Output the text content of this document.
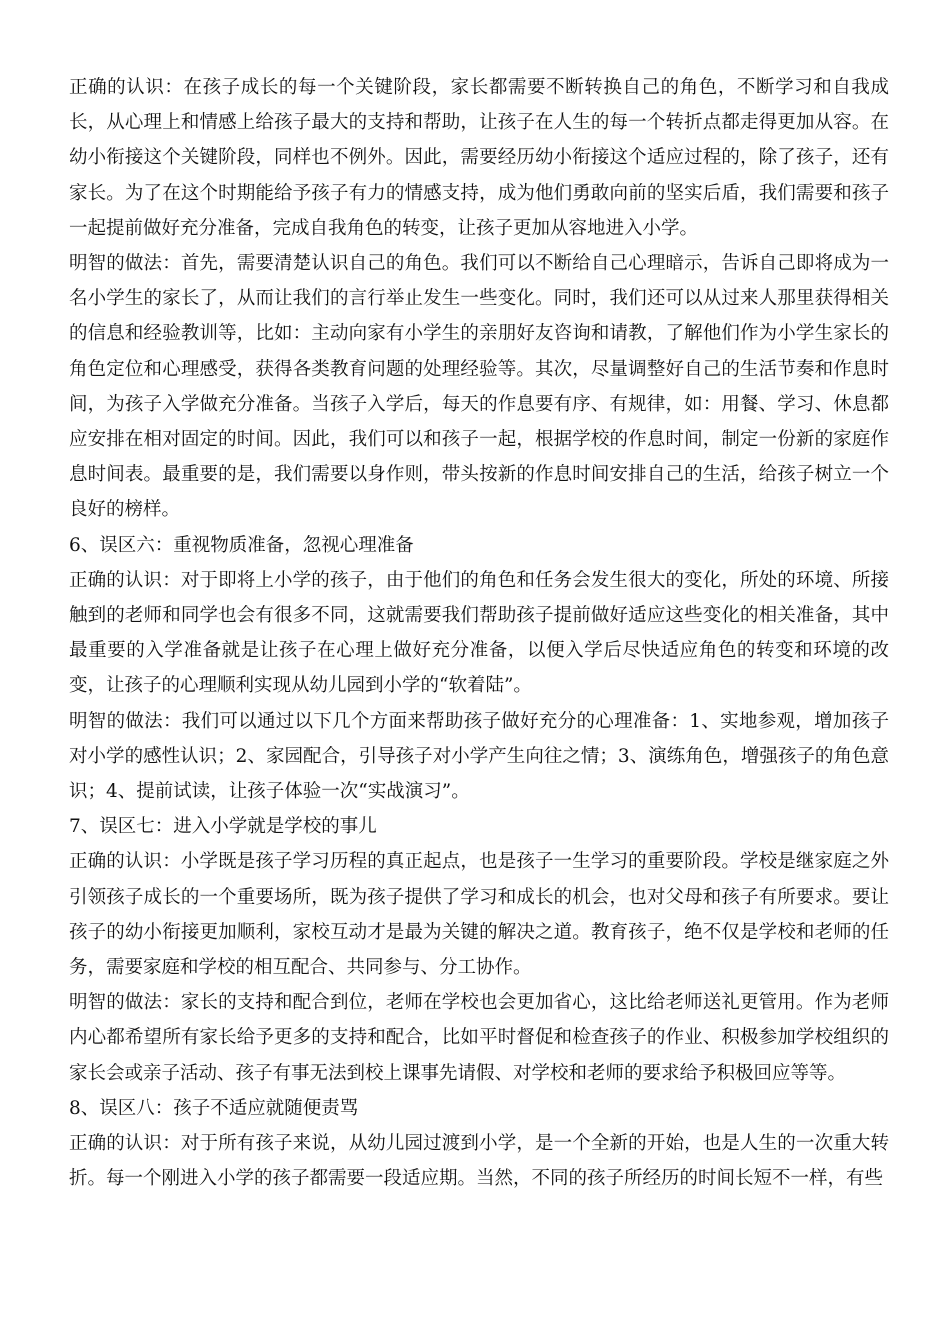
正确的认识：在孩子成长的每一个关键阶段，家长都需要不断转换自己的角色，不断学习和自我成长，从心理上和情感上给孩子最大的支持和帮助，让孩子在人生的每一个转折点都走得更加从容。在幼小衔接这个关键阶段，同样也不例外。因此，需要经历幼小衔接这个适应过程的，除了孩子，还有家长。为了在这个时期能给予孩子有力的情感支持，成为他们勇敢向前的坚实后盾，我们需要和孩子一起提前做好充分准备，完成自我角色的转变，让孩子更加从容地进入小学。

明智的做法：首先，需要清楚认识自己的角色。我们可以不断给自己心理暗示，告诉自己即将成为一名小学生的家长了，从而让我们的言行举止发生一些变化。同时，我们还可以从过来人那里获得相关的信息和经验教训等，比如：主动向家有小学生的亲朋好友咨询和请教，了解他们作为小学生家长的角色定位和心理感受，获得各类教育问题的处理经验等。其次，尽量调整好自己的生活节奏和作息时间，为孩子入学做充分准备。当孩子入学后，每天的作息要有序、有规律，如：用餐、学习、休息都应安排在相对固定的时间。因此，我们可以和孩子一起，根据学校的作息时间，制定一份新的家庭作息时间表。最重要的是，我们需要以身作则，带头按新的作息时间安排自己的生活，给孩子树立一个良好的榜样。

6、误区六：重视物质准备，忽视心理准备

正确的认识：对于即将上小学的孩子，由于他们的角色和任务会发生很大的变化，所处的环境、所接触到的老师和同学也会有很多不同，这就需要我们帮助孩子提前做好适应这些变化的相关准备，其中最重要的入学准备就是让孩子在心理上做好充分准备，以便入学后尽快适应角色的转变和环境的改变，让孩子的心理顺利实现从幼儿园到小学的“软着陆”。

明智的做法：我们可以通过以下几个方面来帮助孩子做好充分的心理准备：1、实地参观，增加孩子对小学的感性认识；2、家园配合，引导孩子对小学产生向往之情；3、演练角色，增强孩子的角色意识；4、提前试读，让孩子体验一次“实战演习”。

7、误区七：进入小学就是学校的事儿

正确的认识：小学既是孩子学习历程的真正起点，也是孩子一生学习的重要阶段。学校是继家庭之外引领孩子成长的一个重要场所，既为孩子提供了学习和成长的机会，也对父母和孩子有所要求。要让孩子的幼小衔接更加顺利，家校互动才是最为关键的解决之道。教育孩子，绝不仅是学校和老师的任务，需要家庭和学校的相互配合、共同参与、分工协作。

明智的做法：家长的支持和配合到位，老师在学校也会更加省心，这比给老师送礼更管用。作为老师内心都希望所有家长给予更多的支持和配合，比如平时督促和检查孩子的作业、积极参加学校组织的家长会或亲子活动、孩子有事无法到校上课事先请假、对学校和老师的要求给予积极回应等等。

8、误区八：孩子不适应就随便责骂

正确的认识：对于所有孩子来说，从幼儿园过渡到小学，是一个全新的开始，也是人生的一次重大转折。每一个刚进入小学的孩子都需要一段适应期。当然，不同的孩子所经历的时间长短不一样，有些
